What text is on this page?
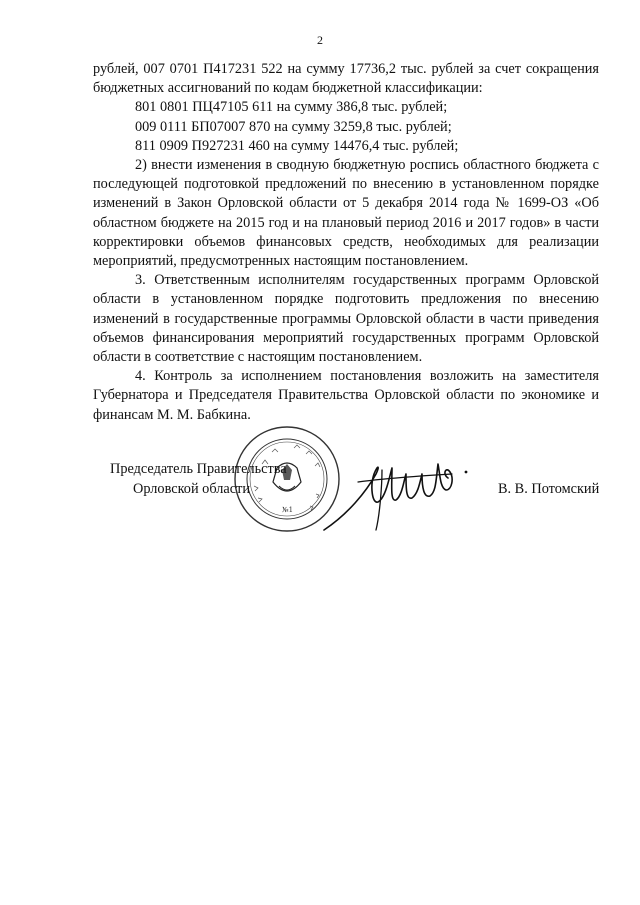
2

рублей, 007 0701 П417231 522 на сумму 17736,2 тыс. рублей за счет сокращения бюджетных ассигнований по кодам бюджетной классификации:

801 0801 ПЦ47105 611 на сумму 386,8 тыс. рублей;

009 0111 БП07007 870 на сумму 3259,8 тыс. рублей;

811 0909 П927231 460 на сумму 14476,4 тыс. рублей;

2) внести изменения в сводную бюджетную роспись областного бюджета с последующей подготовкой предложений по внесению в установленном порядке изменений в Закон Орловской области от 5 декабря 2014 года № 1699-ОЗ «Об областном бюджете на 2015 год и на плановый период 2016 и 2017 годов» в части корректировки объемов финансовых средств, необходимых для реализации мероприятий, предусмотренных настоящим постановлением.

3. Ответственным исполнителям государственных программ Орловской области в установленном порядке подготовить предложения по внесению изменений в государственные программы Орловской области в части приведения объемов финансирования мероприятий государственных программ Орловской области в соответствие с настоящим постановлением.

4. Контроль за исполнением постановления возложить на заместителя Губернатора и Председателя Правительства Орловской области по экономике и финансам М. М. Бабкина.

№1
Председатель Правительства
Орловской области	В. В. Потомский
